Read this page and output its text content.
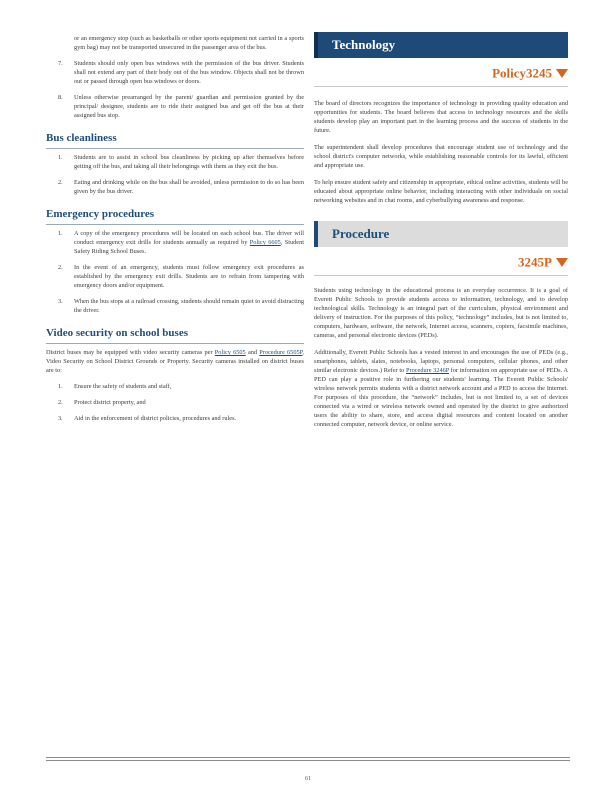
or an emergency stop (such as basketballs or other sports equipment not carried in a sports gym bag) may not be transported unsecured in the passenger area of the bus.
7. Students should only open bus windows with the permission of the bus driver. Students shall not extend any part of their body out of the bus window. Objects shall not be thrown out or passed through open bus windows or doors.
8. Unless otherwise prearranged by the parent/ guardian and permission granted by the principal/ designee, students are to ride their assigned bus and get off the bus at their assigned bus stop.
Bus cleanliness
1. Students are to assist in school bus cleanliness by picking up after themselves before getting off the bus, and taking all their belongings with them as they exit the bus.
2. Eating and drinking while on the bus shall be avoided, unless permission to do so has been given by the bus driver.
Emergency procedures
1. A copy of the emergency procedures will be located on each school bus. The driver will conduct emergency exit drills for students annually as required by Policy 6605, Student Safety Riding School Buses.
2. In the event of an emergency, students must follow emergency exit procedures as established by the emergency exit drills. Students are to refrain from tampering with emergency doors and/or equipment.
3. When the bus stops at a railroad crossing, students should remain quiet to avoid distracting the driver.
Video security on school buses

District buses may be equipped with video security cameras per Policy 6505 and Procedure 6505P, Video Security on School District Grounds or Property. Security cameras installed on district buses are to:

1. Ensure the safety of students and staff,
2. Protect district property, and
3. Aid in the enforcement of district policies, procedures and rules.
Technology
Policy3245

The board of directors recognizes the importance of technology in providing quality education and opportunities for students. The board believes that access to technology resources and the skills students develop play an important part in the learning process and the success of students in the future.

The superintendent shall develop procedures that encourage student use of technology and the school district's computer networks, while establishing reasonable controls for its lawful, efficient and appropriate use.

To help ensure student safety and citizenship in appropriate, ethical online activities, students will be educated about appropriate online behavior, including interacting with other individuals on social networking websites and in chat rooms, and cyberbullying awareness and response.

Procedure
3245P

Students using technology in the educational process is an everyday occurrence. It is a goal of Everett Public Schools to provide students access to information, technology, and to develop technological skills. Technology is an integral part of the curriculum, physical environment and delivery of instruction. For the purposes of this policy, “technology” includes, but is not limited to, computers, hardware, software, the network, Internet access, scanners, copiers, facsimile machines, cameras, and personal electronic devices (PEDs).

Additionally, Everett Public Schools has a vested interest in and encourages the use of PEDs (e.g., smartphones, tablets, slates, notebooks, laptops, personal computers, cellular phones, and other similar electronic devices.) Refer to Procedure 3246P for information on appropriate use of PEDs. A PED can play a positive role in furthering our students' learning. The Everett Public Schools' wireless network permits students with a district network account and a PED to access the Internet. For purposes of this procedure, the “network” includes, but is not limited to, a set of devices connected via a wired or wireless network owned and operated by the district to give authorized users the ability to share, store, and access digital resources and content located on another connected computer, network device, or online service.

61
